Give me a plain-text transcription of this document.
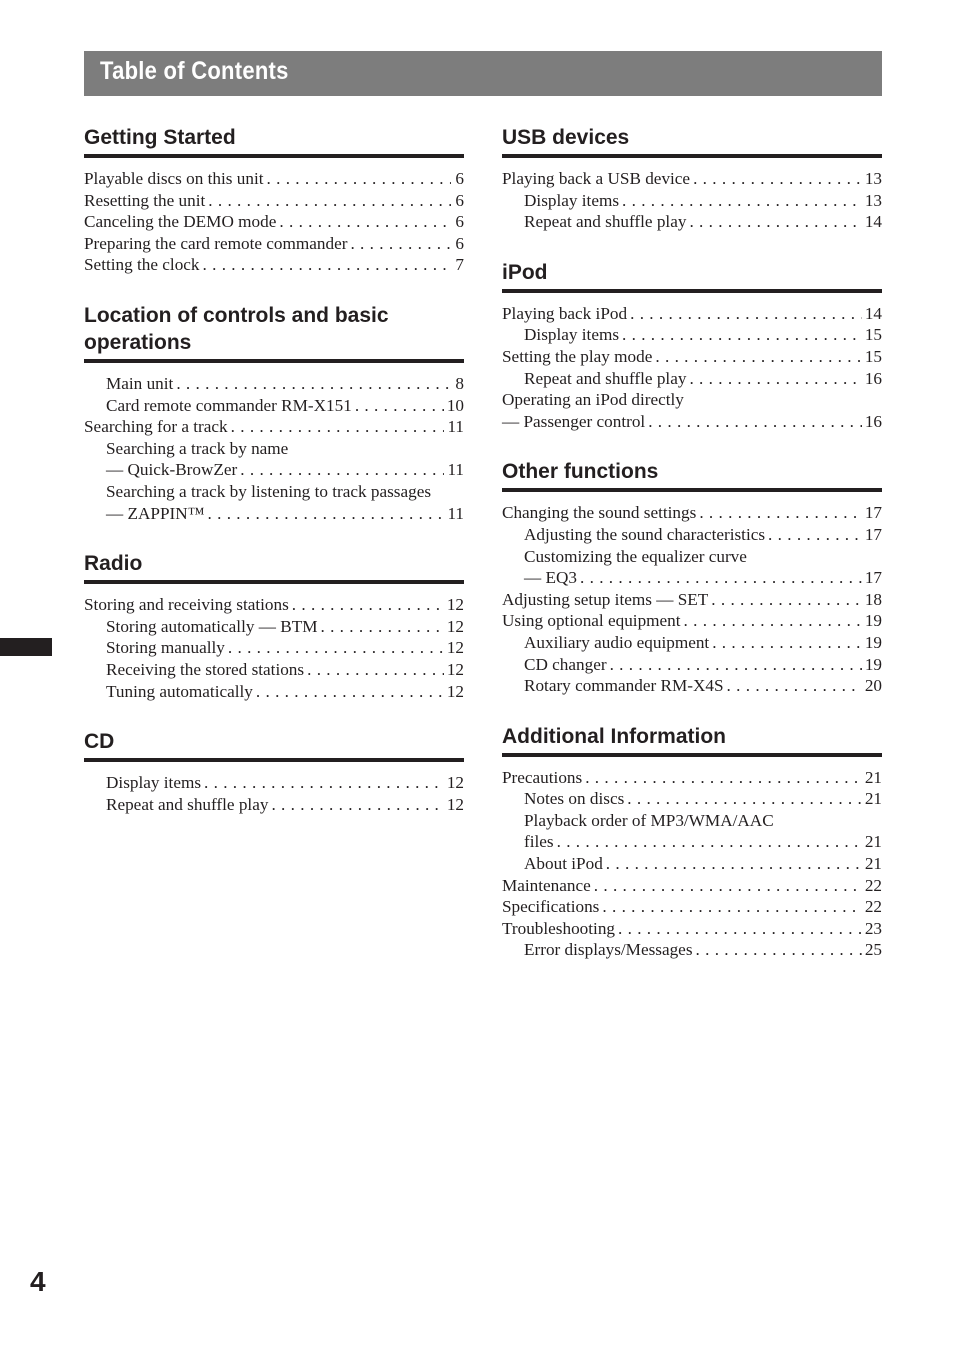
Table of Contents
Getting Started
Playable discs on this unit . . .	6
Resetting the unit . . .	6
Canceling the DEMO mode . . .	6
Preparing the card remote commander . . .	6
Setting the clock . . .	7
Location of controls and basic operations
Main unit . . .	8
Card remote commander RM-X151 . . .	10
Searching for a track . . .	11
Searching a track by name
— Quick-BrowZer . . .	11
Searching a track by listening to track passages
— ZAPPIN™ . . .	11
Radio
Storing and receiving stations . . .	12
Storing automatically — BTM . . .	12
Storing manually . . .	12
Receiving the stored stations . . .	12
Tuning automatically . . .	12
CD
Display items . . .	12
Repeat and shuffle play . . .	12
USB devices
Playing back a USB device . . .	13
Display items . . .	13
Repeat and shuffle play . . .	14
iPod
Playing back iPod . . .	14
Display items . . .	15
Setting the play mode . . .	15
Repeat and shuffle play . . .	16
Operating an iPod directly
— Passenger control . . .	16
Other functions
Changing the sound settings . . .	17
Adjusting the sound characteristics . . .	17
Customizing the equalizer curve
— EQ3 . . .	17
Adjusting setup items — SET . . .	18
Using optional equipment . . .	19
Auxiliary audio equipment . . .	19
CD changer . . .	19
Rotary commander RM-X4S . . .	20
Additional Information
Precautions . . .	21
Notes on discs . . .	21
Playback order of MP3/WMA/AAC
files . . .	21
About iPod . . .	21
Maintenance . . .	22
Specifications . . .	22
Troubleshooting . . .	23
Error displays/Messages . . .	25
4
